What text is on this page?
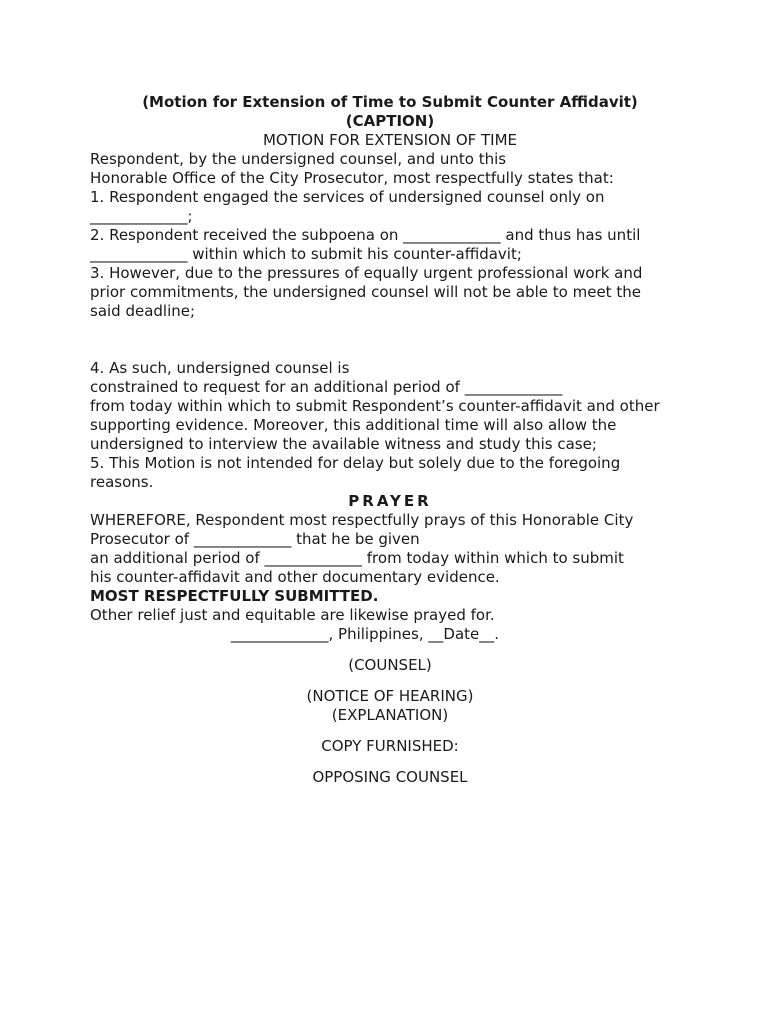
(Motion for Extension of Time to Submit Counter Affidavit)
(CAPTION)
MOTION FOR EXTENSION OF TIME
Respondent, by the undersigned counsel, and unto this
Honorable Office of the City Prosecutor, most respectfully states that:
1. Respondent engaged the services of undersigned counsel only on
_____________;
2. Respondent received the subpoena on _____________ and thus has until
_____________ within which to submit his counter-affidavit;
3. However, due to the pressures of equally urgent professional work and
prior commitments, the undersigned counsel will not be able to meet the
said deadline;
4. As such, undersigned counsel is
constrained to request for an additional period of _____________
from today within which to submit Respondent’s counter-affidavit and other
supporting evidence. Moreover, this additional time will also allow the
undersigned to interview the available witness and study this case;
5. This Motion is not intended for delay but solely due to the foregoing
reasons.
PRAYER
WHEREFORE, Respondent most respectfully prays of this Honorable City
Prosecutor of _____________ that he be given
an additional period of _____________ from today within which to submit
his counter-affidavit and other documentary evidence.
MOST RESPECTFULLY SUBMITTED.
Other relief just and equitable are likewise prayed for.
_____________, Philippines, __Date__.
(COUNSEL)
(NOTICE OF HEARING)
(EXPLANATION)
COPY FURNISHED:
OPPOSING COUNSEL
